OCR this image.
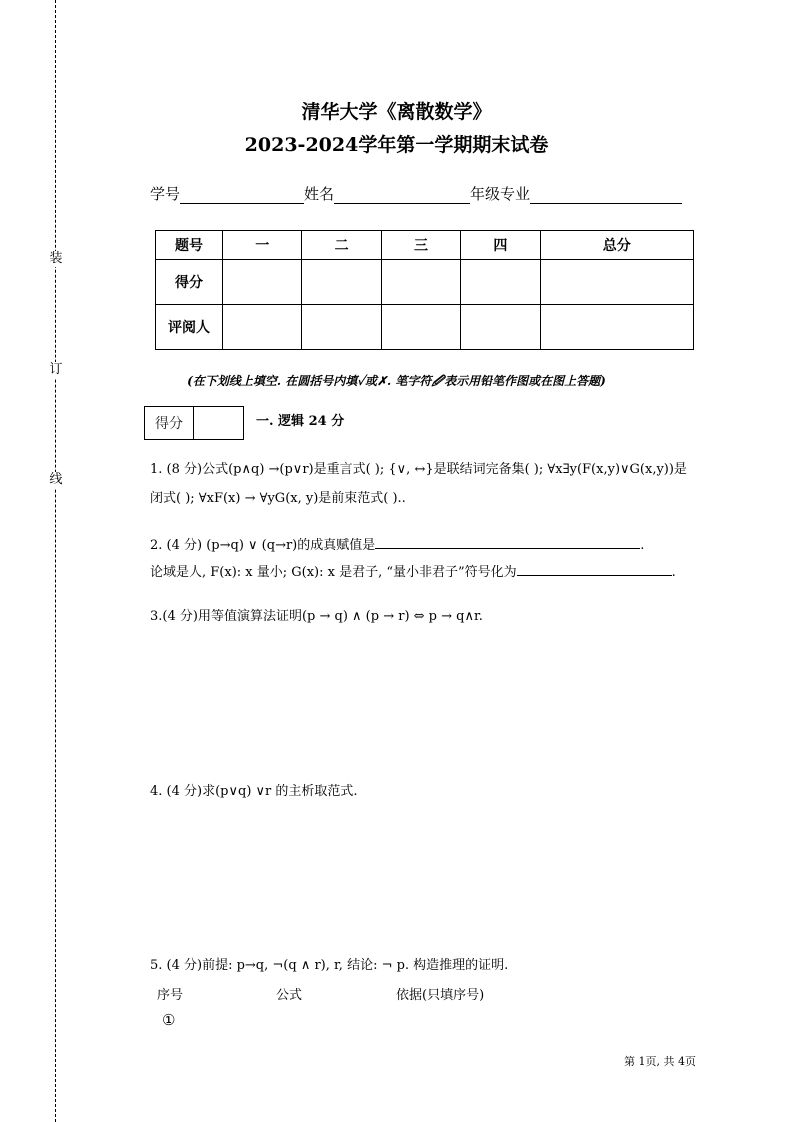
装
订
线
清华大学《离散数学》
2023-2024学年第一学期期末试卷
学号	姓名	年级专业
题号	一	二	三	四	总分
得分					
评阅人					
(在下划线上填空. 在圆括号内填✓或✗. 笔字符🖉表示用铅笔作图或在图上答题)
得分	一. 逻辑 24 分
1. (8 分)公式(p∧q) →(p∨r)是重言式( ); {∨, ↔}是联结词完备集( ); ∀x∃y(F(x,y)∨G(x,y))是
闭式( ); ∀xF(x) → ∀yG(x, y)是前束范式( )..
2. (4 分) (p→q) ∨ (q→r)的成真赋值是	.
论域是人, F(x): x 量小; G(x): x 是君子, “量小非君子”符号化为	.
3.(4 分)用等值演算法证明(p → q) ∧ (p → r) ⇔ p → q∧r.
4. (4 分)求(p∨q) ∨r 的主析取范式.
5. (4 分)前提: p→q, ¬(q ∧ r), r, 结论: ¬ p. 构造推理的证明.
序号	公式	依据(只填序号)
①
第 1页, 共 4页
